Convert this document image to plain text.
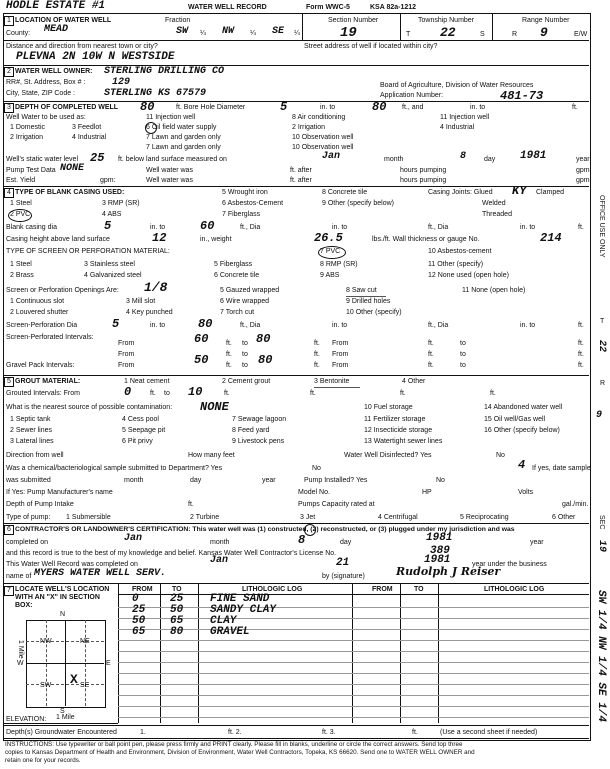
HODLE ESTATE #1	WATER WELL RECORD	Form WWC-5	KSA 82a-1212
1 LOCATION OF WATER WELL
County: MEAD
Fraction
SW ¼ NW ¼ SE ¼
Section Number
19
Township Number
T 22	S
Range Number
R 9	E/W
Distance and direction from nearest town or city?	Street address of well if located within city?
PLEVNA 2N 10W N WESTSIDE
2 WATER WELL OWNER: STERLING DRILLING CO
RR#, St. Address, Box # :	129
City, State, ZIP Code :	STERLING KS 67579
Board of Agriculture, Division of Water Resources
Application Number:	481-73
3 DEPTH OF COMPLETED WELL 80	ft. Bore Hole Diameter	5	in. to	80 ft., and	in. to	ft.
Well Water to be used as:	11 Injection well	8 Air conditioning	11 Injection well
1 Domestic	3 Feedlot	6 Oil field water supply	2 Irrigation	4 Industrial
2 Irrigation	4 Industrial	7 Lawn and garden only	10 Observation well
7 Lawn and garden only	10 Observation well
Well's static water level 25 ft. below land surface measured on	Jan	month	8	day 1981	year
Pump Test Data NONE	Well water was	ft. after	hours pumping	gpm
Est. Yield	gpm:	Well water was	ft. after	hours pumping	gpm
4 TYPE OF BLANK CASING USED:	5 Wrought iron	8 Concrete tile	Casing Joints: Glued KY Clamped
1 Steel	3 RMP (SR)	6 Asbestos-Cement	9 Other (specify below)	Welded
2 PVC	4 ABS	7 Fiberglass	Threaded
Blank casing dia	5	in. to	60	ft., Dia	in. to	ft., Dia	in. to	ft.
Casing height above land surface	12	in., weight	26.5	lbs./ft. Wall thickness or gauge No.	214
TYPE OF SCREEN OR PERFORATION MATERIAL:	7 PVC	10 Asbestos-cement
1 Steel	3 Stainless steel	5 Fiberglass	8 RMP (SR)	11 Other (specify)
2 Brass	4 Galvanized steel	6 Concrete tile	9 ABS	12 None used (open hole)
Screen or Perforation Openings Are: 1/8	5 Gauzed wrapped	8 Saw cut	11 None (open hole)
1 Continuous slot	3 Mill slot	6 Wire wrapped	9 Drilled holes
2 Louvered shutter	4 Key punched	7 Torch cut	10 Other (specify)
Screen-Perforation Dia	5	in. to	80	ft., Dia	in. to	ft., Dia	in. to	ft.
Screen-Perforated Intervals:
From	60	ft. to 80	ft. From	ft.	to	ft.
From	ft. to	ft. From	ft.	to	ft.
Gravel Pack Intervals:	From	50	ft. to 80	ft. From	ft.	to	ft.
5 GROUT MATERIAL:	1 Neat cement	2 Cement grout	3 Bentonite	4 Other
Grouted Intervals: From	0	ft. to 10	ft.	ft.	ft.	ft.
What is the nearest source of possible contamination: NONE	10 Fuel storage	14 Abandoned water well
1 Septic tank	4 Cess pool	7 Sewage lagoon	11 Fertilizer storage	15 Oil well/Gas well
2 Sewer lines	5 Seepage pit	8 Feed yard	12 Insecticide storage	16 Other (specify below)
3 Lateral lines	6 Pit privy	9 Livestock pens	13 Watertight sewer lines
Direction from well	How many feet	Water Well Disinfected? Yes	No
Was a chemical/bacteriological sample submitted to Department? Yes	No	4 If yes, date sample
was submitted	month	day	year	Pump Installed? Yes	No
If Yes: Pump Manufacturer's name	Model No.	HP	Volts
Depth of Pump Intake	ft.	Pumps Capacity rated at	gal./min.
Type of pump: 1 Submersible	2 Turbine	3 Jet	4 Centrifugal	5 Reciprocating	6 Other
6 CONTRACTOR'S OR LANDOWNER'S CERTIFICATION: This water well was (1) constructed, (2) reconstructed, or (3) plugged under my jurisdiction and was
completed on	Jan	month	8	day	1981	year
and this record is true to the best of my knowledge and belief. Kansas Water Well Contractor's License No.	389
This Water Well Record was completed on	Jan	21	1981	year under the business
name of MYERS WATER WELL SERV.	by (signature)	Rudolph J Reiser
7 LOCATE WELL'S LOCATION WITH AN "X" IN SECTION BOX:
FROM	TO	LITHOLOGIC LOG	FROM	TO	LITHOLOGIC LOG
0	25 FINE SAND
25 50 SANDY CLAY
50 65 CLAY
65 80 GRAVEL
N
S
W	E
NW	NE
SW	SE
X
1 Mile
1 Mile
ELEVATION:
Depth(s) Groundwater Encountered	1.	ft. 2.	ft. 3.	ft.	(Use a second sheet if needed)
INSTRUCTIONS: Use typewriter or ball point pen, please press firmly and PRINT clearly. Please fill in blanks, underline or circle the correct answers. Send top three
copies to Kansas Department of Health and Environment, Division of Environment, Water Well Contractors, Topeka, KS 66620. Send one to WATER WELL OWNER and
retain one for your records.
OFFICE USE ONLY
T
22
R
9
SEC
19
SW 1/4 NW 1/4 SE 1/4
